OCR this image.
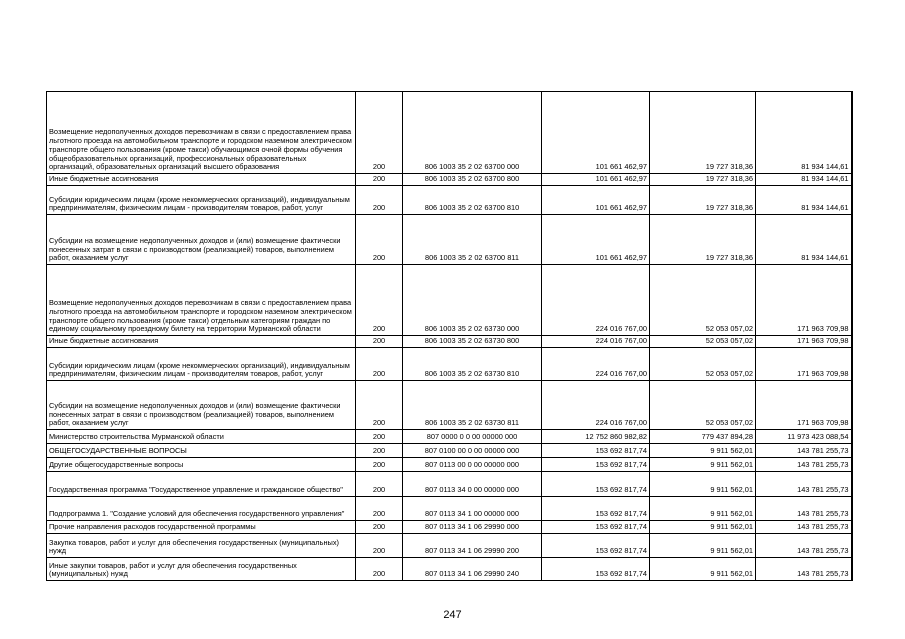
Возмещение недополученных доходов перевозчикам в связи с предоставлением права льготного проезда на автомобильном транспорте и городском наземном электрическом транспорте общего пользования (кроме такси) обучающимся очной формы обучения общеобразовательных организаций, профессиональных образовательных организаций, образовательных организаций высшего образования	200	806 1003 35 2 02 63700 000	101 661 462,97	19 727 318,36	81 934 144,61
Иные бюджетные ассигнования	200	806 1003 35 2 02 63700 800	101 661 462,97	19 727 318,36	81 934 144,61
Субсидии юридическим лицам (кроме некоммерческих организаций), индивидуальным предпринимателям, физическим лицам - производителям товаров, работ, услуг	200	806 1003 35 2 02 63700 810	101 661 462,97	19 727 318,36	81 934 144,61
Субсидии на возмещение недополученных доходов и (или) возмещение фактически понесенных затрат в связи с производством (реализацией) товаров, выполнением работ, оказанием услуг	200	806 1003 35 2 02 63700 811	101 661 462,97	19 727 318,36	81 934 144,61
Возмещение недополученных доходов перевозчикам в связи с предоставлением права льготного проезда на автомобильном транспорте и городском наземном электрическом транспорте общего пользования (кроме такси) отдельным категориям граждан по единому социальному проездному билету на территории Мурманской области	200	806 1003 35 2 02 63730 000	224 016 767,00	52 053 057,02	171 963 709,98
Иные бюджетные ассигнования	200	806 1003 35 2 02 63730 800	224 016 767,00	52 053 057,02	171 963 709,98
Субсидии юридическим лицам (кроме некоммерческих организаций), индивидуальным предпринимателям, физическим лицам - производителям товаров, работ, услуг	200	806 1003 35 2 02 63730 810	224 016 767,00	52 053 057,02	171 963 709,98
Субсидии на возмещение недополученных доходов и (или) возмещение фактически понесенных затрат в связи с производством (реализацией) товаров, выполнением работ, оказанием услуг	200	806 1003 35 2 02 63730 811	224 016 767,00	52 053 057,02	171 963 709,98
Министерство строительства Мурманской области	200	807 0000 0 0 00 00000 000	12 752 860 982,82	779 437 894,28	11 973 423 088,54
ОБЩЕГОСУДАРСТВЕННЫЕ ВОПРОСЫ	200	807 0100 00 0 00 00000 000	153 692 817,74	9 911 562,01	143 781 255,73
Другие общегосударственные вопросы	200	807 0113 00 0 00 00000 000	153 692 817,74	9 911 562,01	143 781 255,73
Государственная программа "Государственное управление и гражданское общество"	200	807 0113 34 0 00 00000 000	153 692 817,74	9 911 562,01	143 781 255,73
Подпрограмма 1. "Создание условий для обеспечения государственного управления"	200	807 0113 34 1 00 00000 000	153 692 817,74	9 911 562,01	143 781 255,73
Прочие направления расходов государственной программы	200	807 0113 34 1 06 29990 000	153 692 817,74	9 911 562,01	143 781 255,73
Закупка товаров, работ и услуг для обеспечения государственных (муниципальных) нужд	200	807 0113 34 1 06 29990 200	153 692 817,74	9 911 562,01	143 781 255,73
Иные закупки товаров, работ и услуг для обеспечения государственных (муниципальных) нужд	200	807 0113 34 1 06 29990 240	153 692 817,74	9 911 562,01	143 781 255,73
247
